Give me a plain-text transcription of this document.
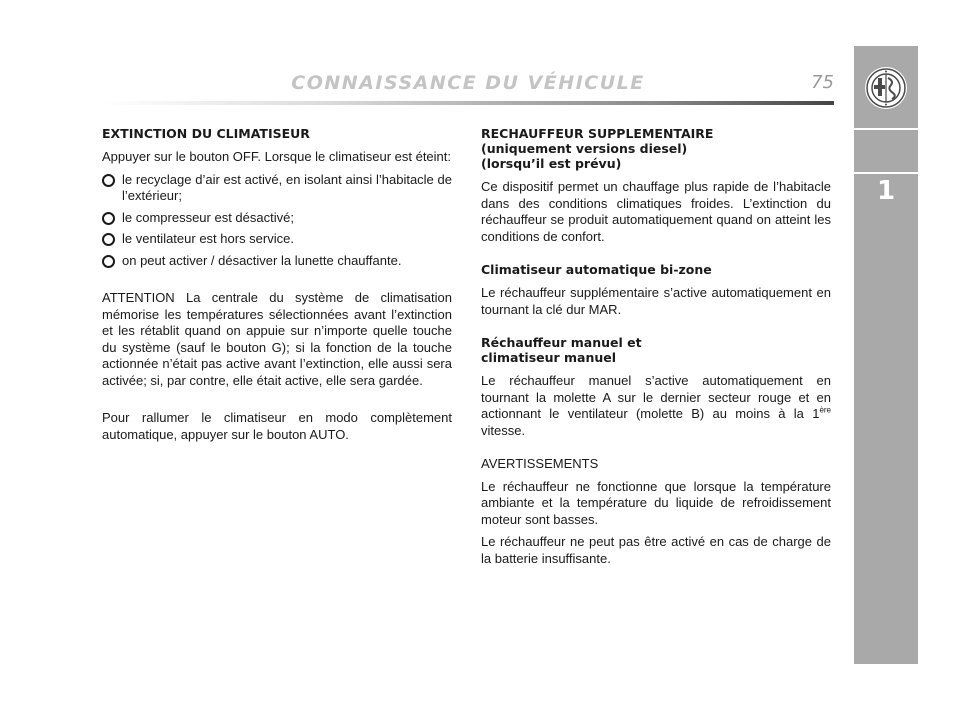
CONNAISSANCE DU VÉHICULE	75
1
EXTINCTION DU CLIMATISEUR

Appuyer sur le bouton OFF. Lorsque le climatiseur est éteint:

le recyclage d’air est activé, en isolant ainsi l’habitacle de l’extérieur;
le compresseur est désactivé;
le ventilateur est hors service.
on peut activer / désactiver la lunette chauffante.

ATTENTION La centrale du système de climatisation mémorise les températures sélectionnées avant l’extinction et les rétablit quand on appuie sur n’importe quelle touche du système (sauf le bouton G); si la fonction de la touche actionnée n’était pas active avant l’extinction, elle aussi sera activée; si, par contre, elle était active, elle sera gardée.

Pour rallumer le climatiseur en modo complètement automatique, appuyer sur le bouton AUTO.

RECHAUFFEUR SUPPLEMENTAIRE
(uniquement versions diesel)
(lorsqu’il est prévu)

Ce dispositif permet un chauffage plus rapide de l’habitacle dans des conditions climatiques froides. L’extinction du réchauffeur se produit automatiquement quand on atteint les conditions de confort.

Climatiseur automatique bi-zone

Le réchauffeur supplémentaire s’active automatiquement en tournant la clé dur MAR.

Réchauffeur manuel et
climatiseur manuel

Le réchauffeur manuel s’active automatiquement en tournant la molette A sur le dernier secteur rouge et en actionnant le ventilateur (molette B) au moins à la 1ère vitesse.

AVERTISSEMENTS

Le réchauffeur ne fonctionne que lorsque la température ambiante et la température du liquide de refroidissement moteur sont basses.

Le réchauffeur ne peut pas être activé en cas de charge de la batterie insuffisante.
